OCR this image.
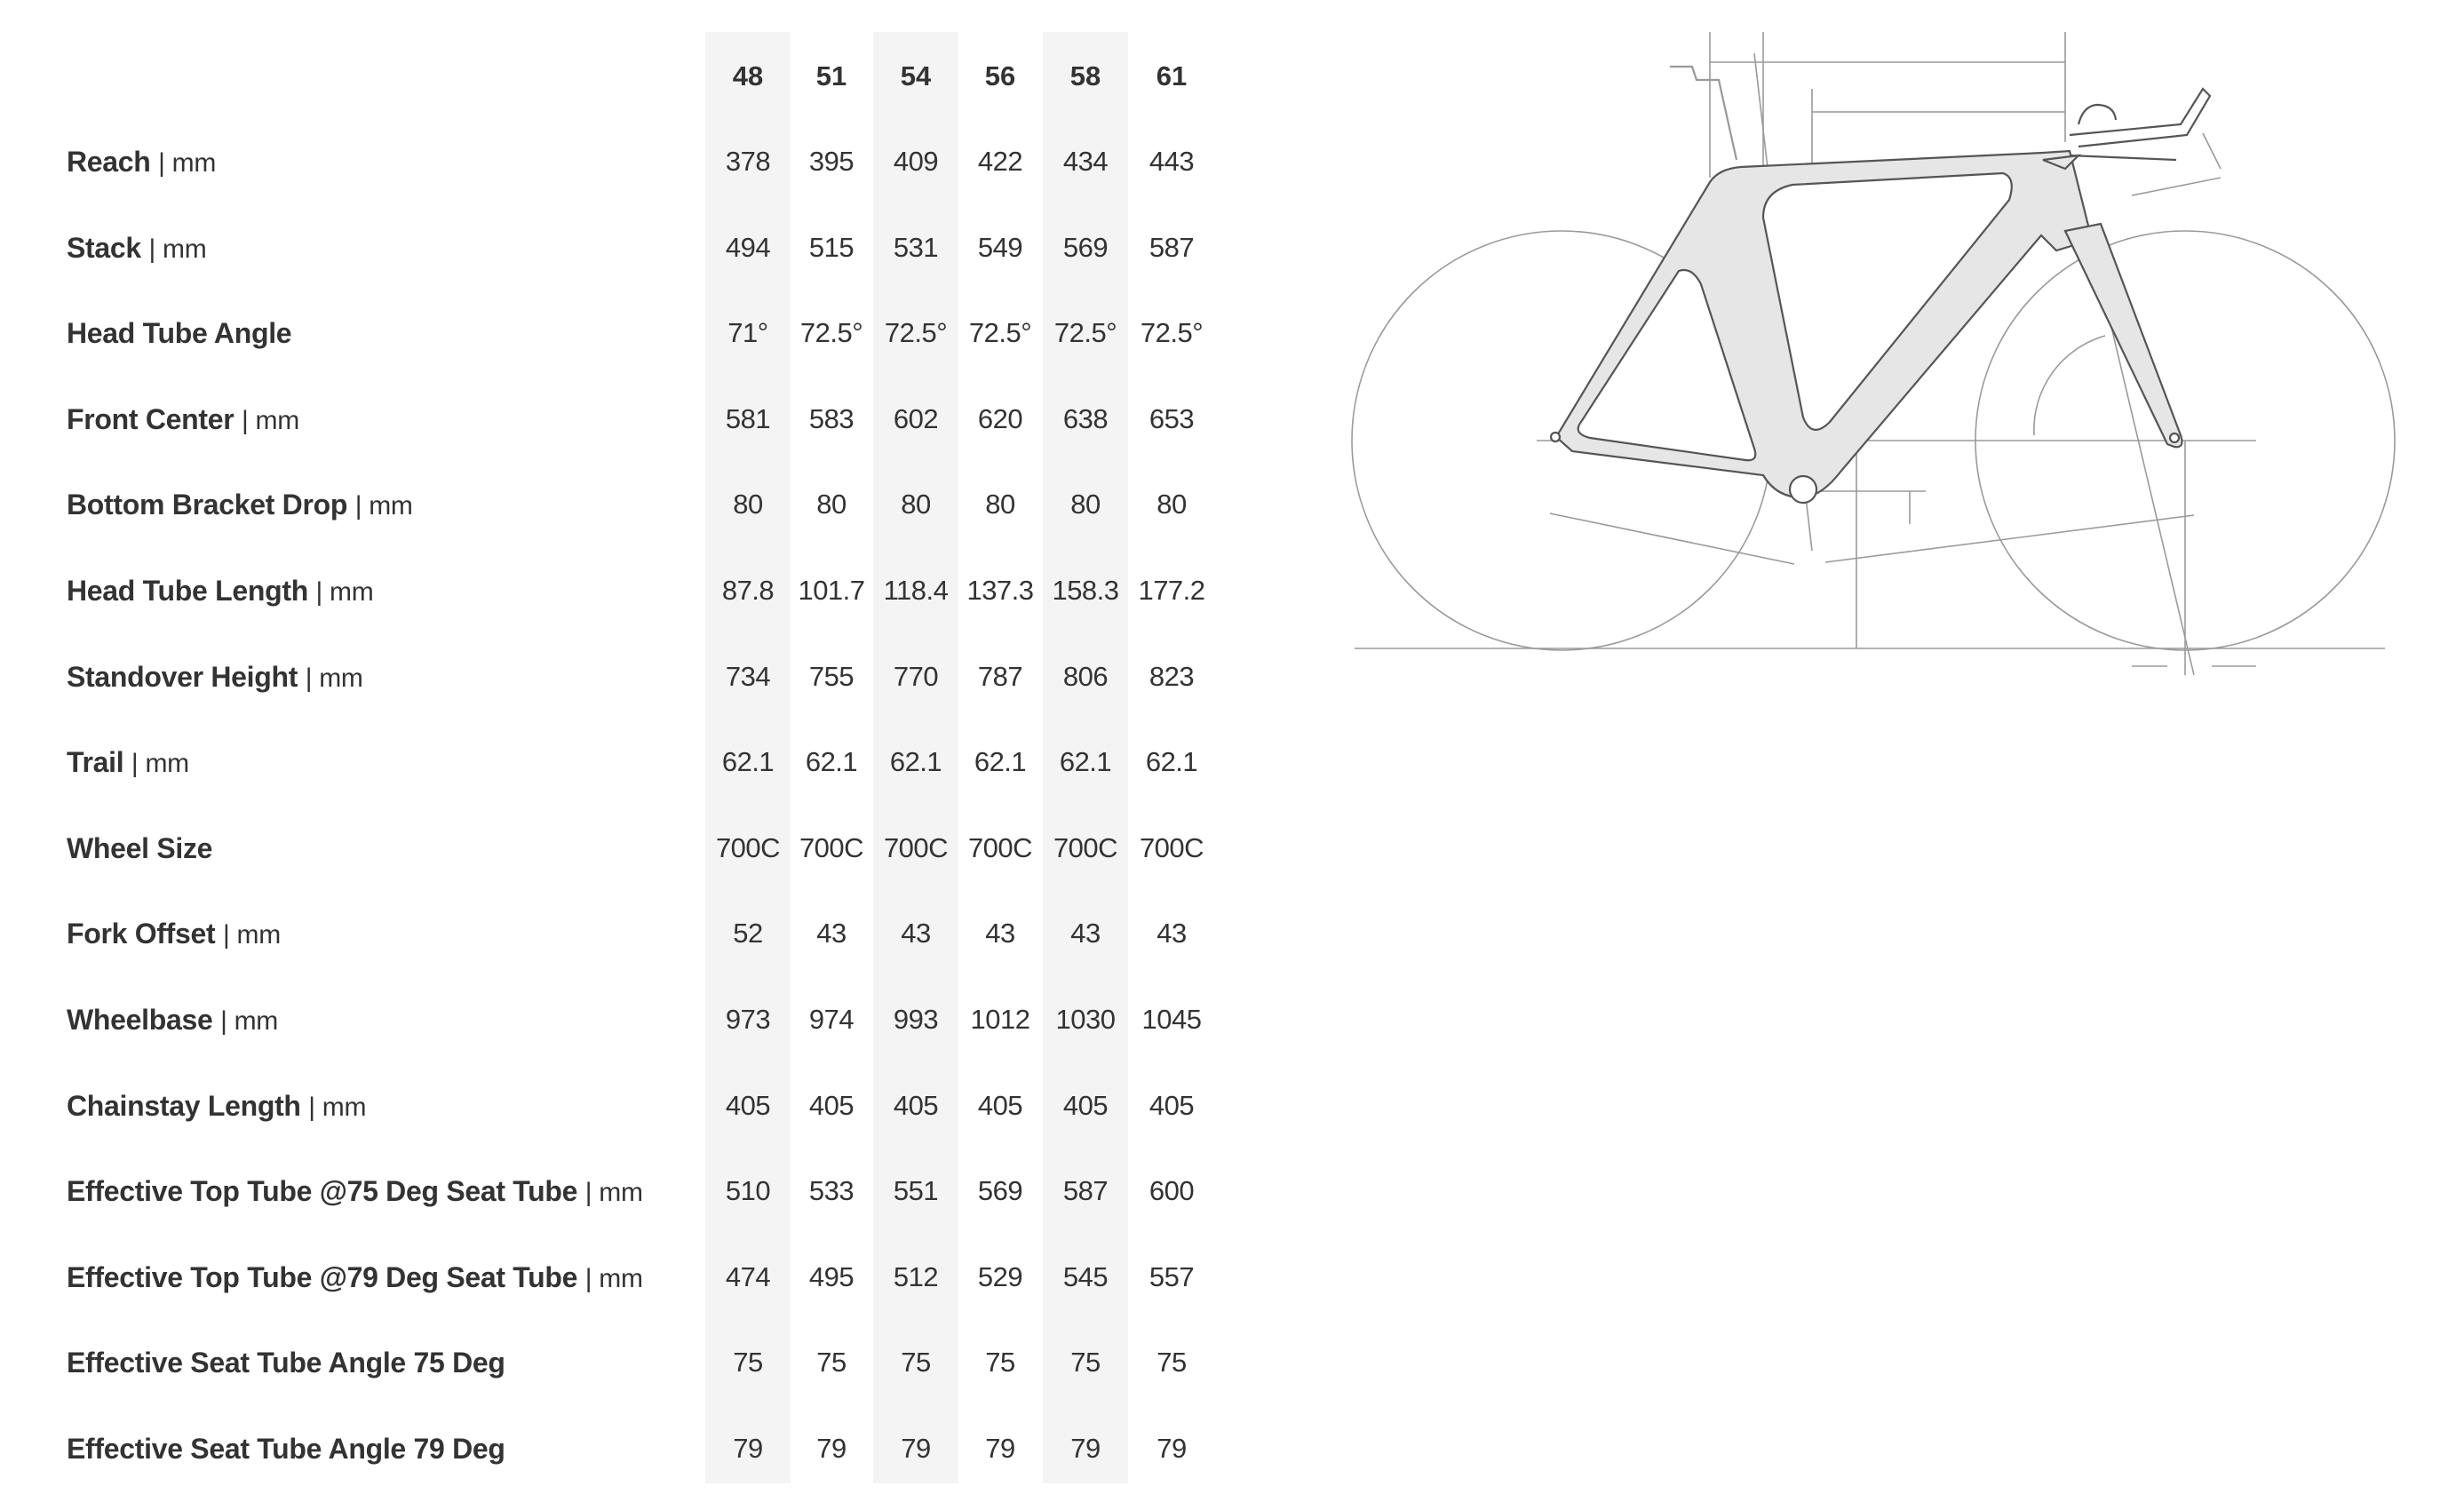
48	51	54	56	58	61
Reach | mm	378	395	409	422	434	443
Stack | mm	494	515	531	549	569	587
Head Tube Angle	71°	72.5° 72.5° 72.5° 72.5° 72.5°
Front Center | mm	581	583	602	620	638	653
Bottom Bracket Drop | mm	80	80	80	80	80	80
Head Tube Length | mm	87.8 101.7 118.4 137.3 158.3 177.2
Standover Height | mm	734	755	770	787	806	823
Trail | mm	62.1	62.1	62.1	62.1	62.1	62.1
Wheel Size	700C 700C 700C 700C 700C 700C
Fork Offset | mm	52	43	43	43	43	43
Wheelbase | mm	973	974	993	1012 1030 1045
Chainstay Length | mm	405	405	405	405	405	405
Effective Top Tube @75 Deg Seat Tube | mm	510	533	551	569	587	600
Effective Top Tube @79 Deg Seat Tube | mm	474	495	512	529	545	557
Effective Seat Tube Angle 75 Deg	75	75	75	75	75	75
Effective Seat Tube Angle 79 Deg	79	79	79	79	79	79
